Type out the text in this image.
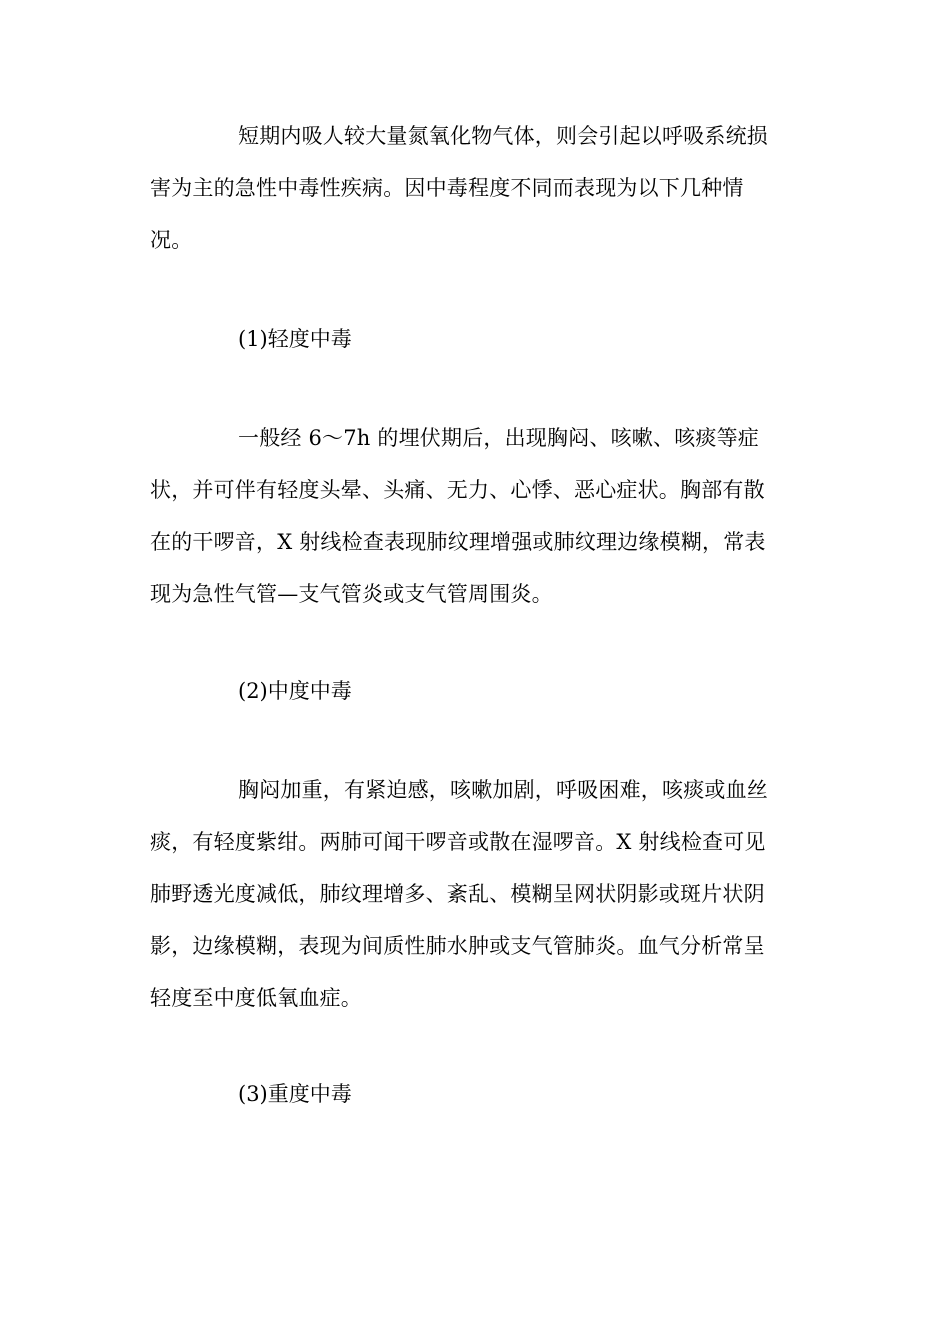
短期内吸人较大量氮氧化物气体，则会引起以呼吸系统损
害为主的急性中毒性疾病。因中毒程度不同而表现为以下几种情
况。
(1)轻度中毒
一般经 6～7h 的埋伏期后，出现胸闷、咳嗽、咳痰等症
状，并可伴有轻度头晕、头痛、无力、心悸、恶心症状。胸部有散
在的干啰音，X 射线检查表现肺纹理增强或肺纹理边缘模糊，常表
现为急性气管—支气管炎或支气管周围炎。
(2)中度中毒
胸闷加重，有紧迫感，咳嗽加剧，呼吸困难，咳痰或血丝
痰，有轻度紫绀。两肺可闻干啰音或散在湿啰音。X 射线检查可见
肺野透光度减低，肺纹理增多、紊乱、模糊呈网状阴影或斑片状阴
影，边缘模糊，表现为间质性肺水肿或支气管肺炎。血气分析常呈
轻度至中度低氧血症。
(3)重度中毒
